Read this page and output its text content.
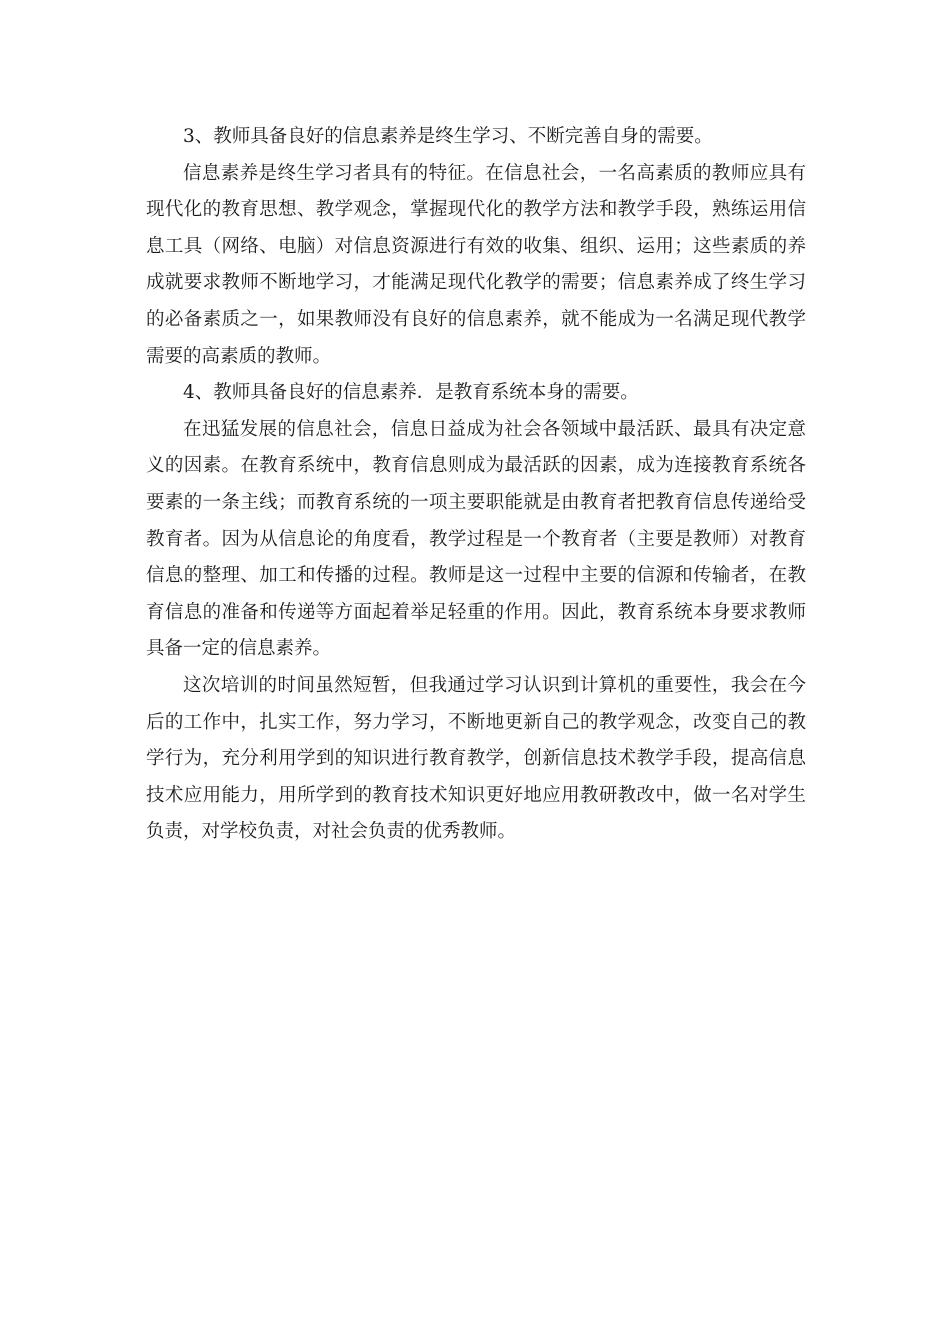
3、教师具备良好的信息素养是终生学习、不断完善自身的需要。

信息素养是终生学习者具有的特征。在信息社会，一名高素质的教师应具有现代化的教育思想、教学观念，掌握现代化的教学方法和教学手段，熟练运用信息工具（网络、电脑）对信息资源进行有效的收集、组织、运用；这些素质的养成就要求教师不断地学习，才能满足现代化教学的需要；信息素养成了终生学习的必备素质之一，如果教师没有良好的信息素养，就不能成为一名满足现代教学需要的高素质的教师。

4、教师具备良好的信息素养．是教育系统本身的需要。

在迅猛发展的信息社会，信息日益成为社会各领域中最活跃、最具有决定意义的因素。在教育系统中，教育信息则成为最活跃的因素，成为连接教育系统各要素的一条主线；而教育系统的一项主要职能就是由教育者把教育信息传递给受教育者。因为从信息论的角度看，教学过程是一个教育者（主要是教师）对教育信息的整理、加工和传播的过程。教师是这一过程中主要的信源和传输者，在教育信息的准备和传递等方面起着举足轻重的作用。因此，教育系统本身要求教师具备一定的信息素养。

这次培训的时间虽然短暂，但我通过学习认识到计算机的重要性，我会在今后的工作中，扎实工作，努力学习，不断地更新自己的教学观念，改变自己的教学行为，充分利用学到的知识进行教育教学，创新信息技术教学手段，提高信息技术应用能力，用所学到的教育技术知识更好地应用教研教改中，做一名对学生负责，对学校负责，对社会负责的优秀教师。
